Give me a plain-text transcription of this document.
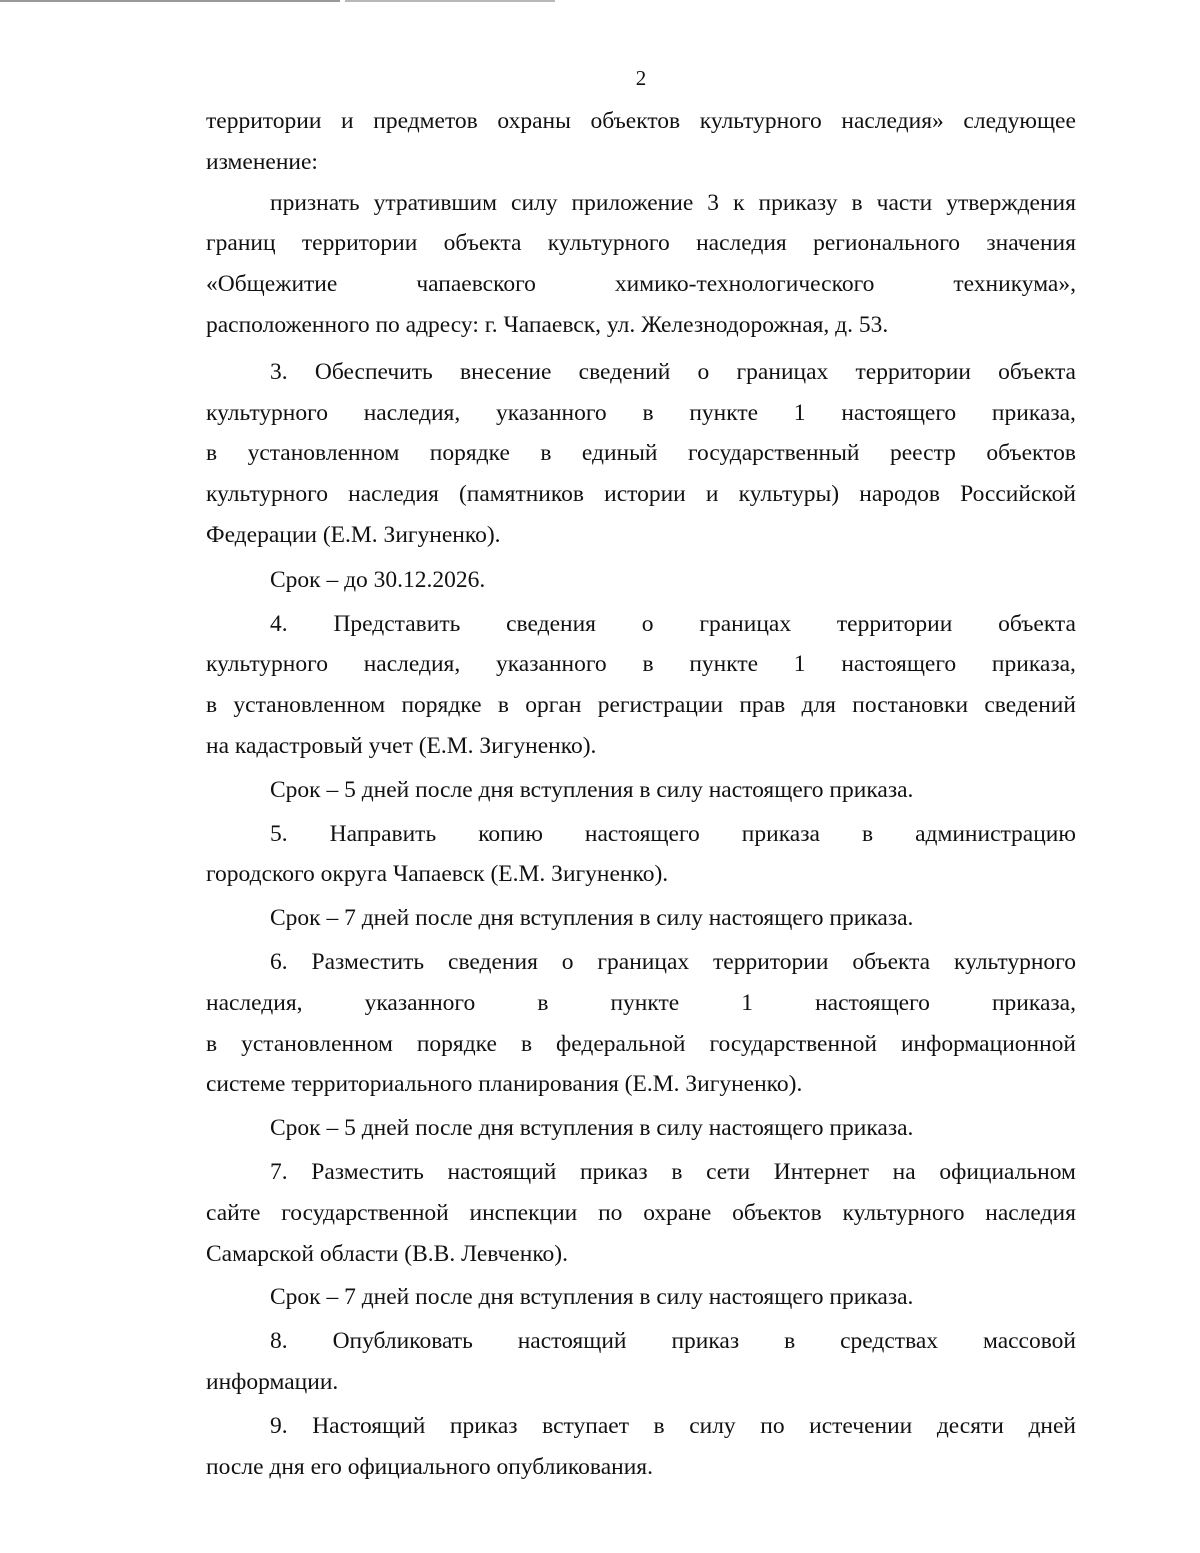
2
территории и предметов охраны объектов культурного наследия» следующее
изменение:
признать утратившим силу приложение 3 к приказу в части утверждения
границ территории объекта культурного наследия регионального значения
«Общежитие	чапаевского	химико-технологического	техникума»,
расположенного по адресу: г. Чапаевск, ул. Железнодорожная, д. 53.
3. Обеспечить внесение сведений о границах территории объекта
культурного наследия, указанного в пункте 1 настоящего приказа,
в установленном порядке в единый государственный реестр объектов
культурного наследия (памятников истории и культуры) народов Российской
Федерации (Е.М. Зигуненко).
Срок – до 30.12.2026.
4. Представить сведения о границах территории объекта
культурного наследия, указанного в пункте 1 настоящего приказа,
в установленном порядке в орган регистрации прав для постановки сведений
на кадастровый учет (Е.М. Зигуненко).
Срок – 5 дней после дня вступления в силу настоящего приказа.
5. Направить копию настоящего приказа в администрацию
городского округа Чапаевск (Е.М. Зигуненко).
Срок – 7 дней после дня вступления в силу настоящего приказа.
6. Разместить сведения о границах территории объекта культурного
наследия,	указанного	в	пункте	1	настоящего	приказа,
в установленном порядке в федеральной государственной информационной
системе территориального планирования (Е.М. Зигуненко).
Срок – 5 дней после дня вступления в силу настоящего приказа.
7. Разместить настоящий приказ в сети Интернет на официальном
сайте государственной инспекции по охране объектов культурного наследия
Самарской области (В.В. Левченко).
Срок – 7 дней после дня вступления в силу настоящего приказа.
8. Опубликовать настоящий приказ в средствах массовой
информации.
9. Настоящий приказ вступает в силу по истечении десяти дней
после дня его официального опубликования.
